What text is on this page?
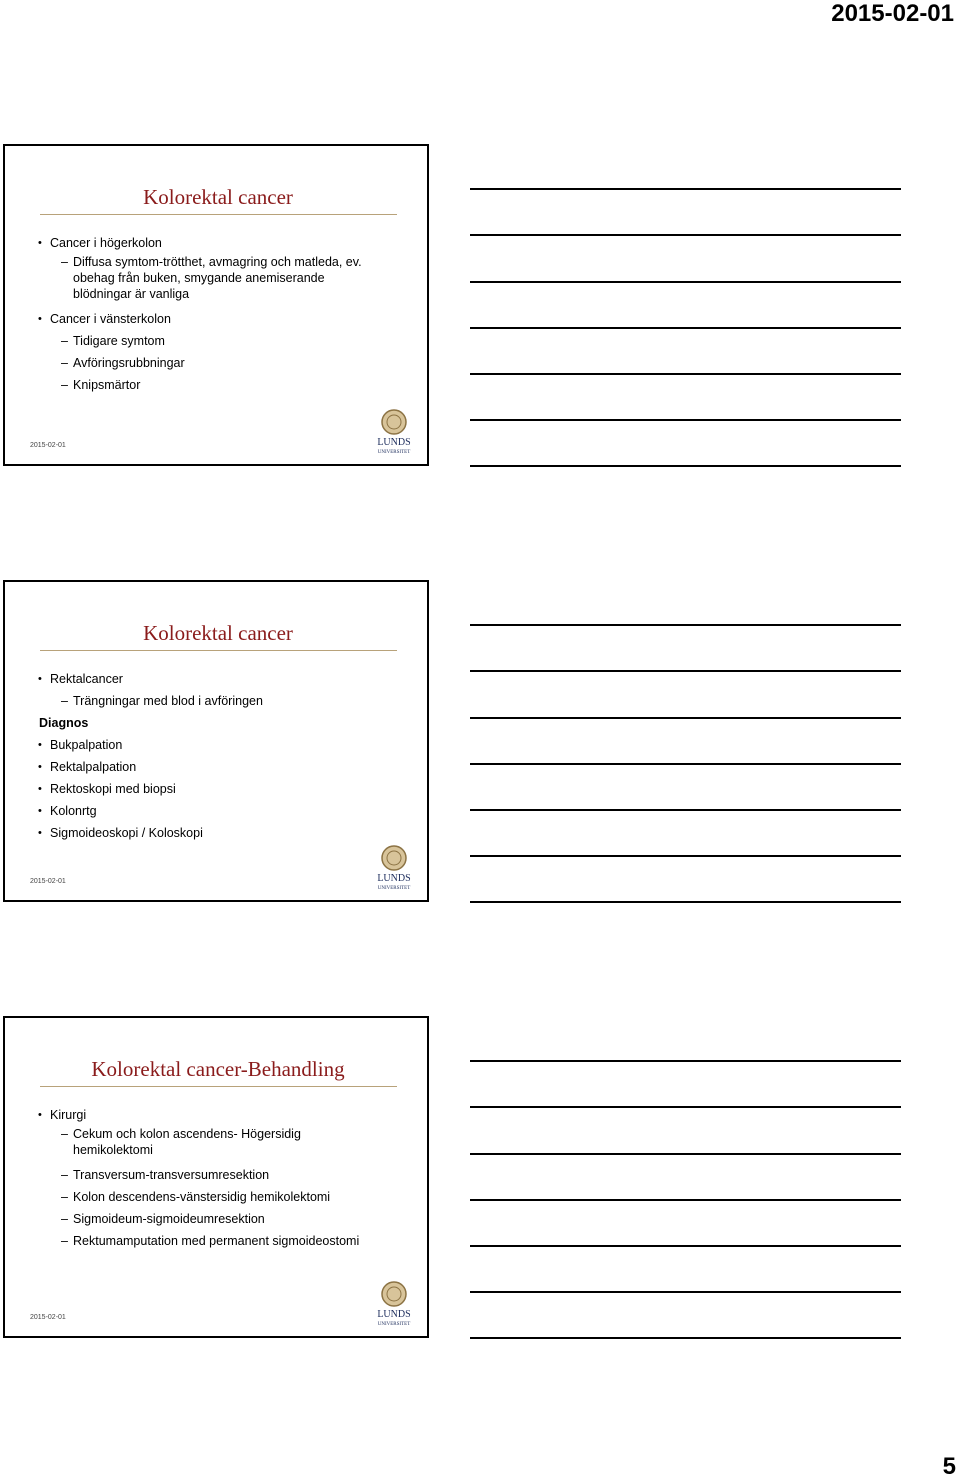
2015-02-01
Kolorektal cancer
• Cancer i högerkolon
– Diffusa symtom-trötthet, avmagring och matleda, ev.
obehag från buken, smygande anemiserande
blödningar är vanliga
• Cancer i vänsterkolon
– Tidigare symtom
– Avföringsrubbningar
– Knipsmärtor
2015-02-01	LUNDS
UNIVERSITET
Kolorektal cancer
• Rektalcancer
– Trängningar med blod i avföringen
Diagnos
• Bukpalpation
• Rektalpalpation
• Rektoskopi med biopsi
• Kolonrtg
• Sigmoideoskopi / Koloskopi
2015-02-01	LUNDS
UNIVERSITET
Kolorektal cancer-Behandling
• Kirurgi
– Cekum och kolon ascendens- Högersidig
hemikolektomi
– Transversum-transversumresektion
– Kolon descendens-vänstersidig hemikolektomi
– Sigmoideum-sigmoideumresektion
– Rektumamputation med permanent sigmoideostomi
2015-02-01	LUNDS
UNIVERSITET
5
